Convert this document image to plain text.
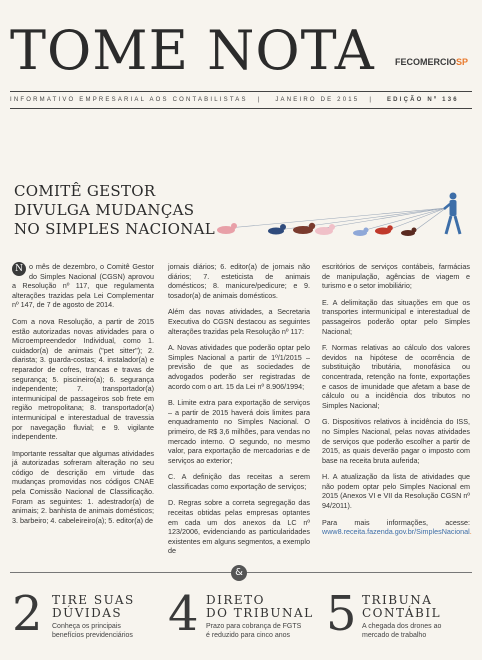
TOME NOTA FECOMERCIOSP
INFORMATIVO EMPRESARIAL AOS CONTABILISTAS | JANEIRO DE 2015 | EDIÇÃO Nº 136
COMITÊ GESTOR
DIVULGA MUDANÇAS
NO SIMPLES NACIONAL

N o mês de dezembro, o Comitê Gestor do Simples Nacional (CGSN) aprovou a Resolução nº 117, que regulamenta alterações trazidas pela Lei Complementar nº 147, de 7 de agosto de 2014.

Com a nova Resolução, a partir de 2015 estão autorizadas novas atividades para o Microempreendedor Individual, como 1. cuidador(a) de animais ("pet sitter"); 2. diarista; 3. guarda-costas; 4. instalador(a) e reparador de cofres, trancas e travas de segurança; 5. piscineiro(a); 6. segurança independente; 7. transportador(a) intermunicipal de passageiros sob frete em região metropolitana; 8. transportador(a) intermunicipal e interestadual de travessia por navegação fluvial; e 9. vigilante independente.

Importante ressaltar que algumas atividades já autorizadas sofreram alteração no seu código de descrição em virtude das mudanças promovidas nos códigos CNAE pela Comissão Nacional de Classificação. Foram as seguintes: 1. adestrador(a) de animais; 2. banhista de animais domésticos; 3. barbeiro; 4. cabeleireiro(a); 5. editor(a) de

jornais diários; 6. editor(a) de jornais não diários; 7. esteticista de animais domésticos; 8. manicure/pedicure; e 9. tosador(a) de animais domésticos.

Além das novas atividades, a Secretaria Executiva do CGSN destacou as seguintes alterações trazidas pela Resolução nº 117:

A. Novas atividades que poderão optar pelo Simples Nacional a partir de 1º/1/2015 – previsão de que as sociedades de advogados poderão ser registradas de acordo com o art. 15 da Lei nº 8.906/1994;

B. Limite extra para exportação de serviços – a partir de 2015 haverá dois limites para enquadramento no Simples Nacional. O primeiro, de R$ 3,6 milhões, para vendas no mercado interno. O segundo, no mesmo valor, para exportação de mercadorias e de serviços ao exterior;

C. A definição das receitas a serem classificadas como exportação de serviços;

D. Regras sobre a correta segregação das receitas obtidas pelas empresas optantes em cada um dos anexos da LC nº 123/2006, evidenciando as particularidades existentes em alguns segmentos, a exemplo de

escritórios de serviços contábeis, farmácias de manipulação, agências de viagem e turismo e o setor imobiliário;

E. A delimitação das situações em que os transportes intermunicipal e interestadual de passageiros poderão optar pelo Simples Nacional;

F. Normas relativas ao cálculo dos valores devidos na hipótese de ocorrência de substituição tributária, monofásica ou concentrada, retenção na fonte, exportações e casos de imunidade que afetam a base de cálculo ou a incidência dos tributos no Simples Nacional;

G. Dispositivos relativos à incidência do ISS, no Simples Nacional, pelas novas atividades de serviços que poderão escolher a partir de 2015, as quais deverão pagar o imposto com base na receita bruta auferida;

H. A atualização da lista de atividades que não podem optar pelo Simples Nacional em 2015 (Anexos VI e VII da Resolução CGSN nº 94/2011).

Para mais informações, acesse: www8.receita.fazenda.gov.br/SimplesNacional.

&
2 TIRE SUAS
DÚVIDAS
Conheça os principais benefícios previdenciários 4 DIRETO
DO TRIBUNAL
Prazo para cobrança de FGTS é reduzido para cinco anos 5 TRIBUNA
CONTÁBIL
A chegada dos drones ao mercado de trabalho
